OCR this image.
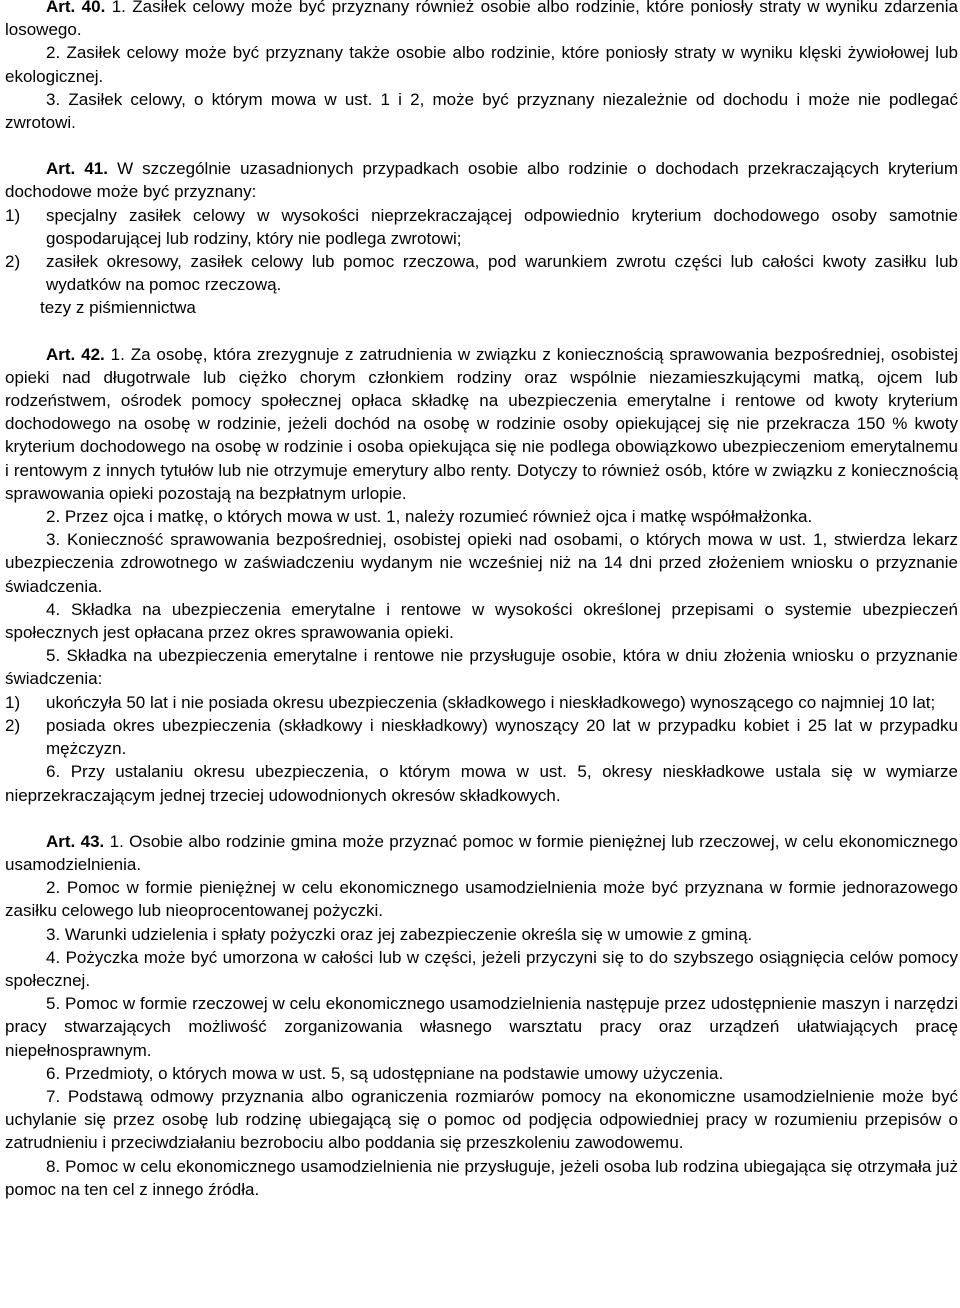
Art. 40. 1. Zasiłek celowy może być przyznany również osobie albo rodzinie, które poniosły straty w wyniku zdarzenia losowego.

2. Zasiłek celowy może być przyznany także osobie albo rodzinie, które poniosły straty w wyniku klęski żywiołowej lub ekologicznej.

3. Zasiłek celowy, o którym mowa w ust. 1 i 2, może być przyznany niezależnie od dochodu i może nie podlegać zwrotowi.

Art. 41. W szczególnie uzasadnionych przypadkach osobie albo rodzinie o dochodach przekraczających kryterium dochodowe może być przyznany:

1)	specjalny zasiłek celowy w wysokości nieprzekraczającej odpowiednio kryterium dochodowego osoby samotnie gospodarującej lub rodziny, który nie podlega zwrotowi;
2)	zasiłek okresowy, zasiłek celowy lub pomoc rzeczowa, pod warunkiem zwrotu części lub całości kwoty zasiłku lub wydatków na pomoc rzeczową.

tezy z piśmiennictwa

Art. 42. 1. Za osobę, która zrezygnuje z zatrudnienia w związku z koniecznością sprawowania bezpośredniej, osobistej opieki nad długotrwale lub ciężko chorym członkiem rodziny oraz wspólnie niezamieszkującymi matką, ojcem lub rodzeństwem, ośrodek pomocy społecznej opłaca składkę na ubezpieczenia emerytalne i rentowe od kwoty kryterium dochodowego na osobę w rodzinie, jeżeli dochód na osobę w rodzinie osoby opiekującej się nie przekracza 150 % kwoty kryterium dochodowego na osobę w rodzinie i osoba opiekująca się nie podlega obowiązkowo ubezpieczeniom emerytalnemu i rentowym z innych tytułów lub nie otrzymuje emerytury albo renty. Dotyczy to również osób, które w związku z koniecznością sprawowania opieki pozostają na bezpłatnym urlopie.

2. Przez ojca i matkę, o których mowa w ust. 1, należy rozumieć również ojca i matkę współmałżonka.

3. Konieczność sprawowania bezpośredniej, osobistej opieki nad osobami, o których mowa w ust. 1, stwierdza lekarz ubezpieczenia zdrowotnego w zaświadczeniu wydanym nie wcześniej niż na 14 dni przed złożeniem wniosku o przyznanie świadczenia.

4. Składka na ubezpieczenia emerytalne i rentowe w wysokości określonej przepisami o systemie ubezpieczeń społecznych jest opłacana przez okres sprawowania opieki.

5. Składka na ubezpieczenia emerytalne i rentowe nie przysługuje osobie, która w dniu złożenia wniosku o przyznanie świadczenia:

1)	ukończyła 50 lat i nie posiada okresu ubezpieczenia (składkowego i nieskładkowego) wynoszącego co najmniej 10 lat;
2)	posiada okres ubezpieczenia (składkowy i nieskładkowy) wynoszący 20 lat w przypadku kobiet i 25 lat w przypadku mężczyzn.

6. Przy ustalaniu okresu ubezpieczenia, o którym mowa w ust. 5, okresy nieskładkowe ustala się w wymiarze nieprzekraczającym jednej trzeciej udowodnionych okresów składkowych.

Art. 43. 1. Osobie albo rodzinie gmina może przyznać pomoc w formie pieniężnej lub rzeczowej, w celu ekonomicznego usamodzielnienia.

2. Pomoc w formie pieniężnej w celu ekonomicznego usamodzielnienia może być przyznana w formie jednorazowego zasiłku celowego lub nieoprocentowanej pożyczki.

3. Warunki udzielenia i spłaty pożyczki oraz jej zabezpieczenie określa się w umowie z gminą.

4. Pożyczka może być umorzona w całości lub w części, jeżeli przyczyni się to do szybszego osiągnięcia celów pomocy społecznej.

5. Pomoc w formie rzeczowej w celu ekonomicznego usamodzielnienia następuje przez udostępnienie maszyn i narzędzi pracy stwarzających możliwość zorganizowania własnego warsztatu pracy oraz urządzeń ułatwiających pracę niepełnosprawnym.

6. Przedmioty, o których mowa w ust. 5, są udostępniane na podstawie umowy użyczenia.

7. Podstawą odmowy przyznania albo ograniczenia rozmiarów pomocy na ekonomiczne usamodzielnienie może być uchylanie się przez osobę lub rodzinę ubiegającą się o pomoc od podjęcia odpowiedniej pracy w rozumieniu przepisów o zatrudnieniu i przeciwdziałaniu bezrobociu albo poddania się przeszkoleniu zawodowemu.

8. Pomoc w celu ekonomicznego usamodzielnienia nie przysługuje, jeżeli osoba lub rodzina ubiegająca się otrzymała już pomoc na ten cel z innego źródła.
